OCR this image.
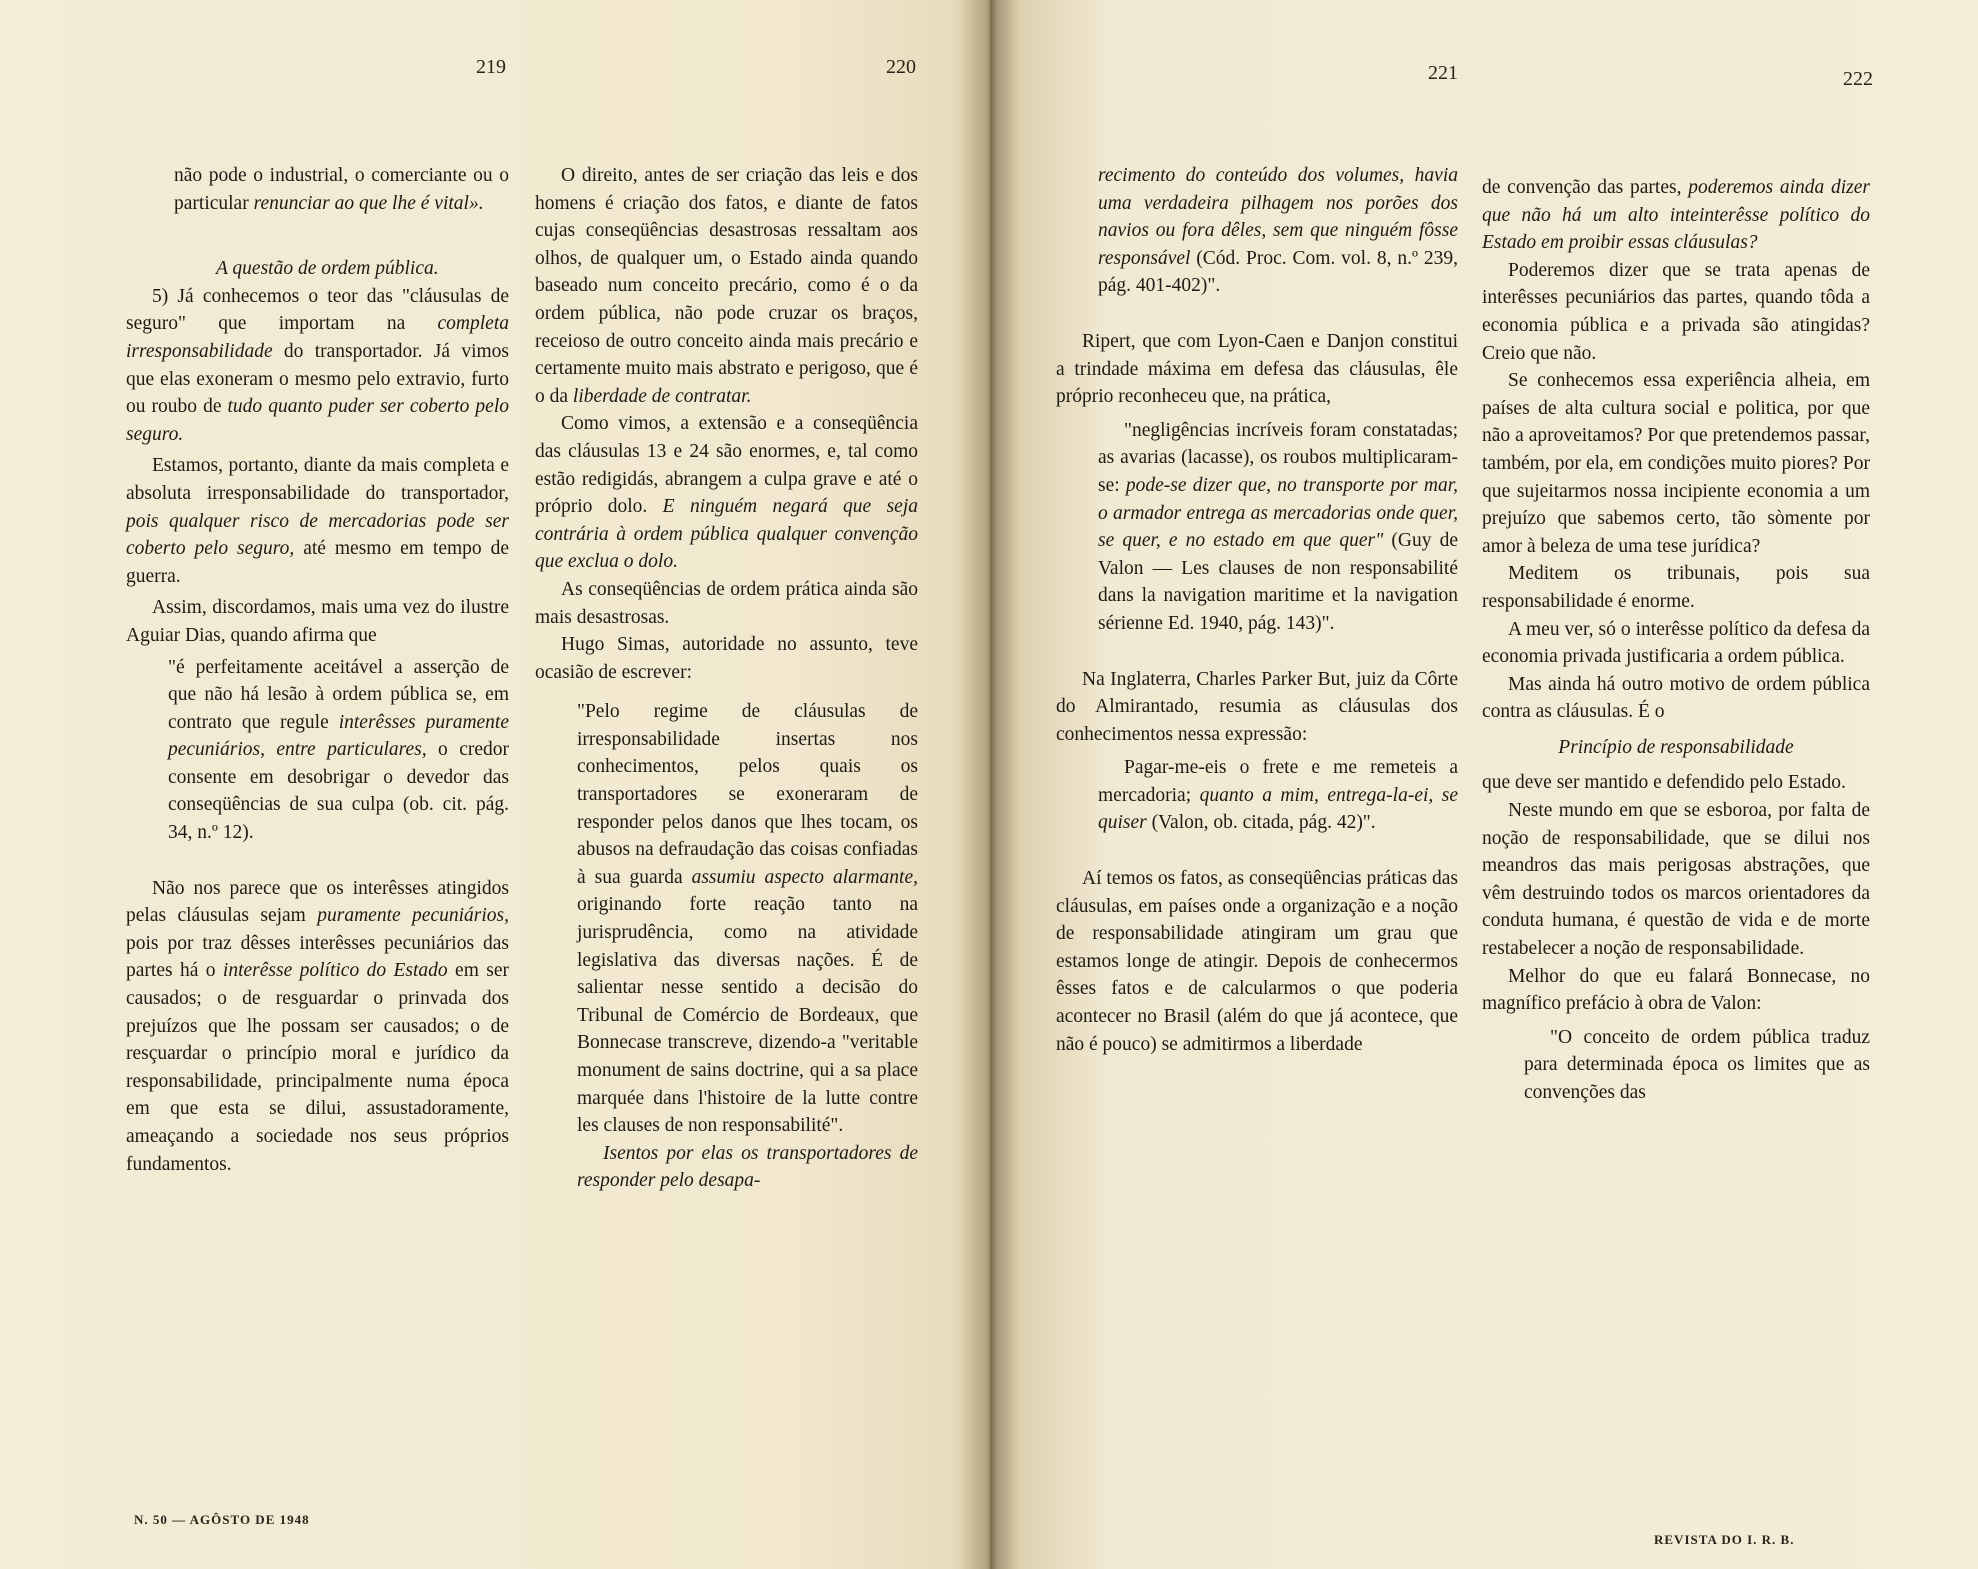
219	220	221	222

não pode o industrial, o comerciante ou o particular renunciar ao que lhe é vital».

A questão de ordem pública.

5) Já conhecemos o teor das "cláusulas de seguro" que importam na completa irresponsabilidade do transportador. Já vimos que elas exoneram o mesmo pelo extravio, furto ou roubo de tudo quanto puder ser coberto pelo seguro.

Estamos, portanto, diante da mais completa e absoluta irresponsabilidade do transportador, pois qualquer risco de mercadorias pode ser coberto pelo seguro, até mesmo em tempo de guerra.

Assim, discordamos, mais uma vez do ilustre Aguiar Dias, quando afirma que

"é perfeitamente aceitável a asserção de que não há lesão à ordem pública se, em contrato que regule interêsses puramente pecuniários, entre particulares, o credor consente em desobrigar o devedor das conseqüências de sua culpa (ob. cit. pág. 34, n.º 12).

Não nos parece que os interêsses atingidos pelas cláusulas sejam puramente pecuniários, pois por traz dêsses interêsses pecuniários das partes há o interêsse político do Estado em ser causados; o de resguardar o prinvada dos prejuízos que lhe possam ser causados; o de resçuardar o princípio moral e jurídico da responsabilidade, principalmente numa época em que esta se dilui, assustadoramente, ameaçando a sociedade nos seus próprios fundamentos.

O direito, antes de ser criação das leis e dos homens é criação dos fatos, e diante de fatos cujas conseqüências desastrosas ressaltam aos olhos, de qualquer um, o Estado ainda quando baseado num conceito precário, como é o da ordem pública, não pode cruzar os braços, receioso de outro conceito ainda mais precário e certamente muito mais abstrato e perigoso, que é o da liberdade de contratar.

Como vimos, a extensão e a conseqüência das cláusulas 13 e 24 são enormes, e, tal como estão redigidás, abrangem a culpa grave e até o próprio dolo. E ninguém negará que seja contrária à ordem pública qualquer convenção que exclua o dolo.

As conseqüências de ordem prática ainda são mais desastrosas.

Hugo Simas, autoridade no assunto, teve ocasião de escrever:

"Pelo regime de cláusulas de irresponsabilidade insertas nos conhecimentos, pelos quais os transportadores se exoneraram de responder pelos danos que lhes tocam, os abusos na defraudação das coisas confiadas à sua guarda assumiu aspecto alarmante, originando forte reação tanto na jurisprudência, como na atividade legislativa das diversas nações. É de salientar nesse sentido a decisão do Tribunal de Comércio de Bordeaux, que Bonnecase transcreve, dizendo-a "veritable monument de sains doctrine, qui a sa place marquée dans l'histoire de la lutte contre les clauses de non responsabilité".

Isentos por elas os transportadores de responder pelo desapa-

recimento do conteúdo dos volumes, havia uma verdadeira pilhagem nos porões dos navios ou fora dêles, sem que ninguém fôsse responsável (Cód. Proc. Com. vol. 8, n.º 239, pág. 401-402)".

Ripert, que com Lyon-Caen e Danjon constitui a trindade máxima em defesa das cláusulas, êle próprio reconheceu que, na prática,

"negligências incríveis foram constatadas; as avarias (lacasse), os roubos multiplicaram-se: pode-se dizer que, no transporte por mar, o armador entrega as mercadorias onde quer, se quer, e no estado em que quer" (Guy de Valon — Les clauses de non responsabilité dans la navigation maritime et la navigation sérienne Ed. 1940, pág. 143)".

Na Inglaterra, Charles Parker But, juiz da Côrte do Almirantado, resumia as cláusulas dos conhecimentos nessa expressão:

Pagar-me-eis o frete e me remeteis a mercadoria; quanto a mim, entrega-la-ei, se quiser (Valon, ob. citada, pág. 42)".

Aí temos os fatos, as conseqüências práticas das cláusulas, em países onde a organização e a noção de responsabilidade atingiram um grau que estamos longe de atingir. Depois de conhecermos êsses fatos e de calcularmos o que poderia acontecer no Brasil (além do que já acontece, que não é pouco) se admitirmos a liberdade

de convenção das partes, poderemos ainda dizer que não há um alto inteinterêsse político do Estado em proibir essas cláusulas?

Poderemos dizer que se trata apenas de interêsses pecuniários das partes, quando tôda a economia pública e a privada são atingidas? Creio que não.

Se conhecemos essa experiência alheia, em países de alta cultura social e politica, por que não a aproveitamos? Por que pretendemos passar, também, por ela, em condições muito piores? Por que sujeitarmos nossa incipiente economia a um prejuízo que sabemos certo, tão sòmente por amor à beleza de uma tese jurídica?

Meditem os tribunais, pois sua responsabilidade é enorme.

A meu ver, só o interêsse político da defesa da economia privada justificaria a ordem pública.

Mas ainda há outro motivo de ordem pública contra as cláusulas. É o

Princípio de responsabilidade

que deve ser mantido e defendido pelo Estado.

Neste mundo em que se esboroa, por falta de noção de responsabilidade, que se dilui nos meandros das mais perigosas abstrações, que vêm destruindo todos os marcos orientadores da conduta humana, é questão de vida e de morte restabelecer a noção de responsabilidade.

Melhor do que eu falará Bonnecase, no magnífico prefácio à obra de Valon:

"O conceito de ordem pública traduz para determinada época os limites que as convenções das

N. 50 — AGÔSTO DE 1948
REVISTA DO I. R. B.
